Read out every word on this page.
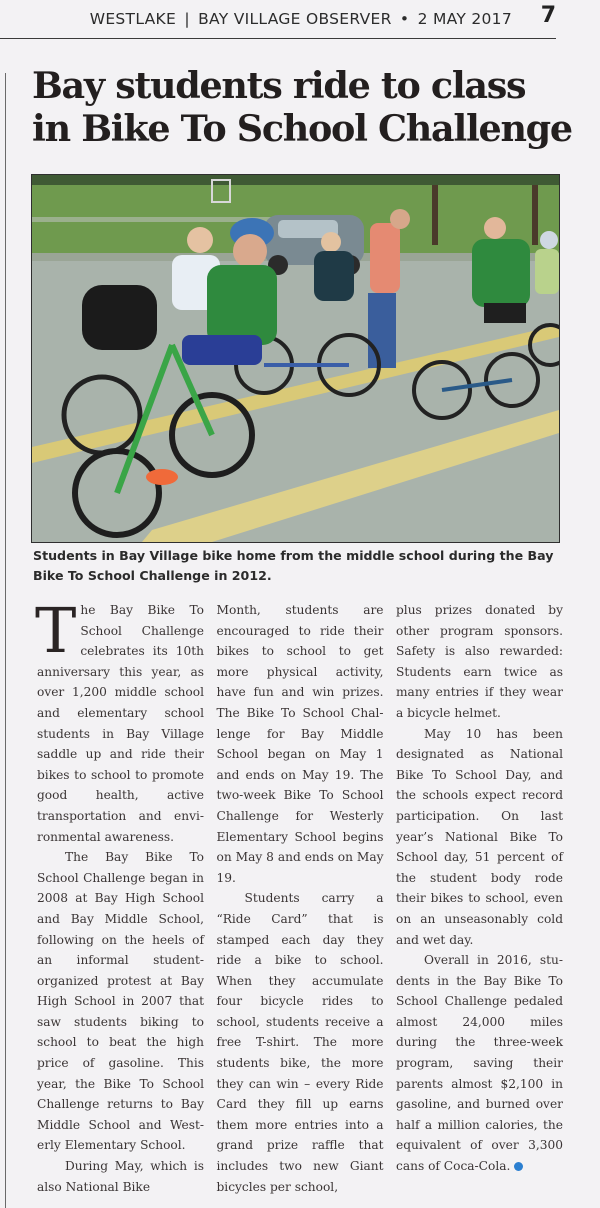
WESTLAKE | BAY VILLAGE OBSERVER • 2 MAY 2017 7
Bay students ride to class in Bike To School Challenge

Students in Bay Village bike home from the middle school during the Bay Bike To School Challenge in 2012.

The Bay Bike To School Challenge celebrates its 10th anniversary this year, as over 1,200 middle school and elementary school students in Bay Village saddle up and ride their bikes to school to promote good health, active transportation and environmental awareness.

The Bay Bike To School Challenge began in 2008 at Bay High School and Bay Middle School, following on the heels of an informal student-organized protest at Bay High School in 2007 that saw students biking to school to beat the high price of gasoline. This year, the Bike To School Challenge returns to Bay Middle School and Westerly Elementary School.

During May, which is also National Bike

Month, students are encouraged to ride their bikes to school to get more physical activity, have fun and win prizes. The Bike To School Challenge for Bay Middle School began on May 1 and ends on May 19. The two-week Bike To School Challenge for Westerly Elementary School begins on May 8 and ends on May 19.

Students carry a “Ride Card” that is stamped each day they ride a bike to school. When they accumulate four bicycle rides to school, students receive a free T-shirt. The more students bike, the more they can win – every Ride Card they fill up earns them more entries into a grand prize raffle that includes two new Giant bicycles per school,

plus prizes donated by other program sponsors. Safety is also rewarded: Students earn twice as many entries if they wear a bicycle helmet.

May 10 has been designated as National Bike To School Day, and the schools expect record participation. On last year’s National Bike To School day, 51 percent of the student body rode their bikes to school, even on an unseasonably cold and wet day.

Overall in 2016, students in the Bay Bike To School Challenge pedaled almost 24,000 miles during the three-week program, saving their parents almost $2,100 in gasoline, and burned over half a million calories, the equivalent of over 3,300 cans of Coca-Cola.
